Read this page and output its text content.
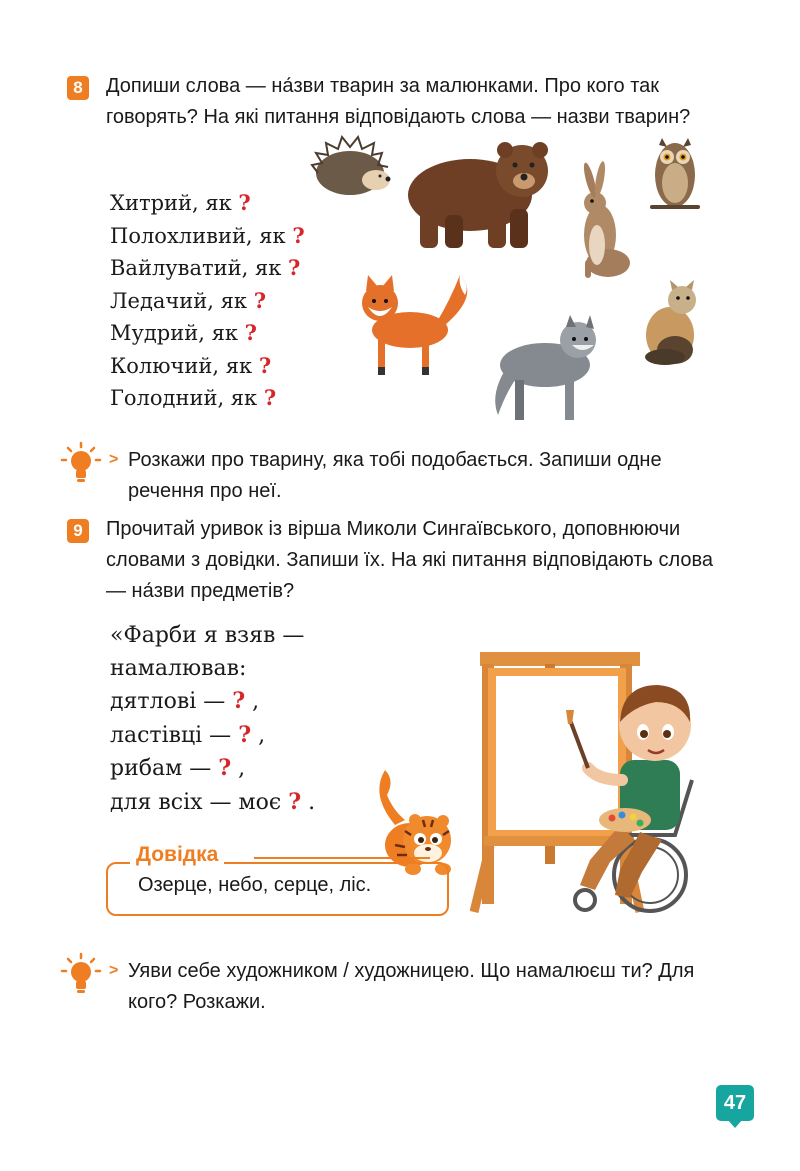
8	Допиши слова — на́зви тварин за малюнками. Про кого так говорять? На які питання відповідають слова — назви тварин?
Хитрий, як ?
Полохливий, як ?
Вайлуватий, як ?
Ледачий, як ?
Мудрий, як ?
Колючий, як ?
Голодний, як ?
> Розкажи про тварину, яка тобі подобається. Запиши одне речення про неї.
9	Прочитай уривок із вірша Миколи Сингаївського, доповнюючи словами з довідки. Запиши їх. На які питання відповідають слова — на́зви предметів?
«Фарби я взяв —
намалював:
дятлові — ? ,
ластівці — ? ,
рибам — ? ,
для всіх — моє ? .
Довідка
Озерце, небо, серце, ліс.
> Уяви себе художником / художницею. Що намалюєш ти? Для кого? Розкажи.
47
